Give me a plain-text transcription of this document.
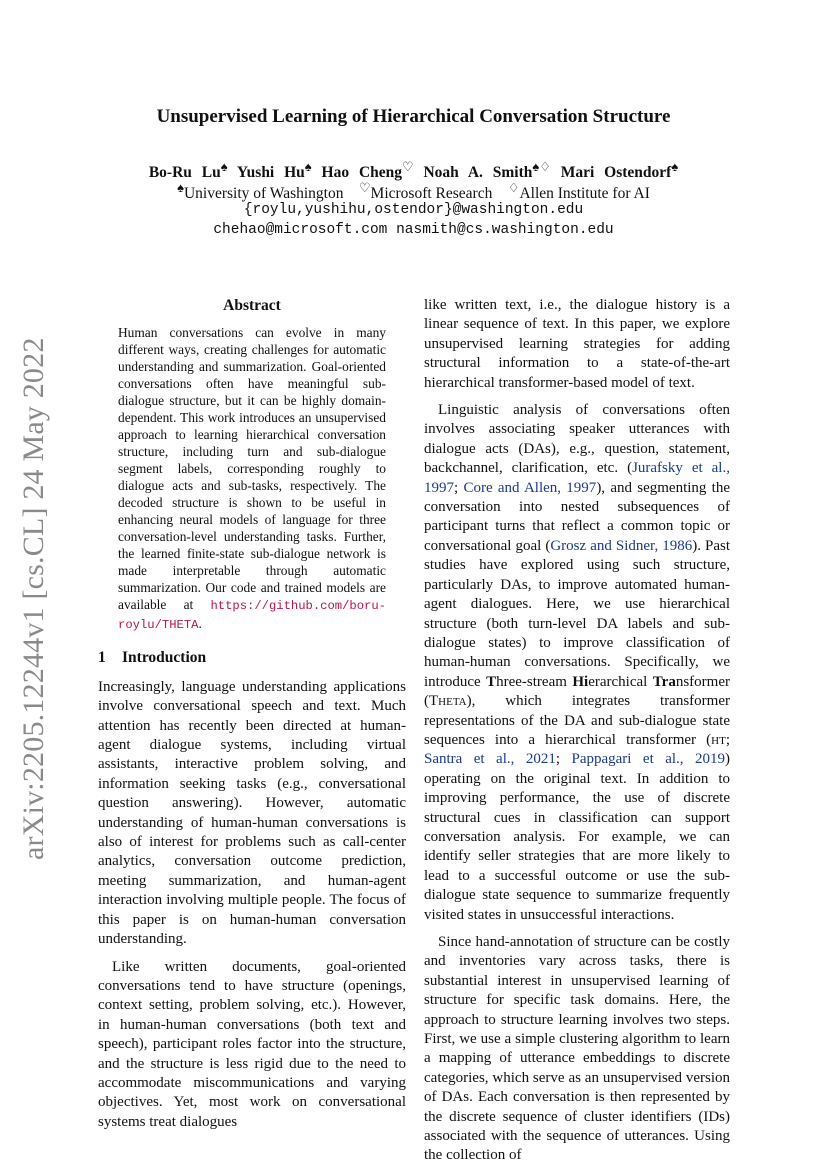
arXiv:2205.12244v1 [cs.CL] 24 May 2022
Unsupervised Learning of Hierarchical Conversation Structure
Bo-Ru Lu♠ Yushi Hu♠ Hao Cheng♡ Noah A. Smith♠♢ Mari Ostendorf♠
♠University of Washington ♡Microsoft Research ♢Allen Institute for AI
{roylu,yushihu,ostendor}@washington.edu
chehao@microsoft.com nasmith@cs.washington.edu
Abstract
Human conversations can evolve in many different ways, creating challenges for automatic understanding and summarization. Goal-oriented conversations often have meaningful sub-dialogue structure, but it can be highly domain-dependent. This work introduces an unsupervised approach to learning hierarchical conversation structure, including turn and sub-dialogue segment labels, corresponding roughly to dialogue acts and sub-tasks, respectively. The decoded structure is shown to be useful in enhancing neural models of language for three conversation-level understanding tasks. Further, the learned finite-state sub-dialogue network is made interpretable through automatic summarization. Our code and trained models are available at https://github.com/boru-roylu/THETA.
1 Introduction
Increasingly, language understanding applications involve conversational speech and text. Much attention has recently been directed at human-agent dialogue systems, including virtual assistants, interactive problem solving, and information seeking tasks (e.g., conversational question answering). However, automatic understanding of human-human conversations is also of interest for problems such as call-center analytics, conversation outcome prediction, meeting summarization, and human-agent interaction involving multiple people. The focus of this paper is on human-human conversation understanding.
Like written documents, goal-oriented conversations tend to have structure (openings, context setting, problem solving, etc.). However, in human-human conversations (both text and speech), participant roles factor into the structure, and the structure is less rigid due to the need to accommodate miscommunications and varying objectives. Yet, most work on conversational systems treat dialogues
like written text, i.e., the dialogue history is a linear sequence of text. In this paper, we explore unsupervised learning strategies for adding structural information to a state-of-the-art hierarchical transformer-based model of text.
Linguistic analysis of conversations often involves associating speaker utterances with dialogue acts (DAs), e.g., question, statement, backchannel, clarification, etc. (Jurafsky et al., 1997; Core and Allen, 1997), and segmenting the conversation into nested subsequences of participant turns that reflect a common topic or conversational goal (Grosz and Sidner, 1986). Past studies have explored using such structure, particularly DAs, to improve automated human-agent dialogues. Here, we use hierarchical structure (both turn-level DA labels and sub-dialogue states) to improve classification of human-human conversations. Specifically, we introduce Three-stream Hierarchical Transformer (Theta), which integrates transformer representations of the DA and sub-dialogue state sequences into a hierarchical transformer (ht; Santra et al., 2021; Pappagari et al., 2019) operating on the original text. In addition to improving performance, the use of discrete structural cues in classification can support conversation analysis. For example, we can identify seller strategies that are more likely to lead to a successful outcome or use the sub-dialogue state sequence to summarize frequently visited states in unsuccessful interactions.
Since hand-annotation of structure can be costly and inventories vary across tasks, there is substantial interest in unsupervised learning of structure for specific task domains. Here, the approach to structure learning involves two steps. First, we use a simple clustering algorithm to learn a mapping of utterance embeddings to discrete categories, which serve as an unsupervised version of DAs. Each conversation is then represented by the discrete sequence of cluster identifiers (IDs) associated with the sequence of utterances. Using the collection of
